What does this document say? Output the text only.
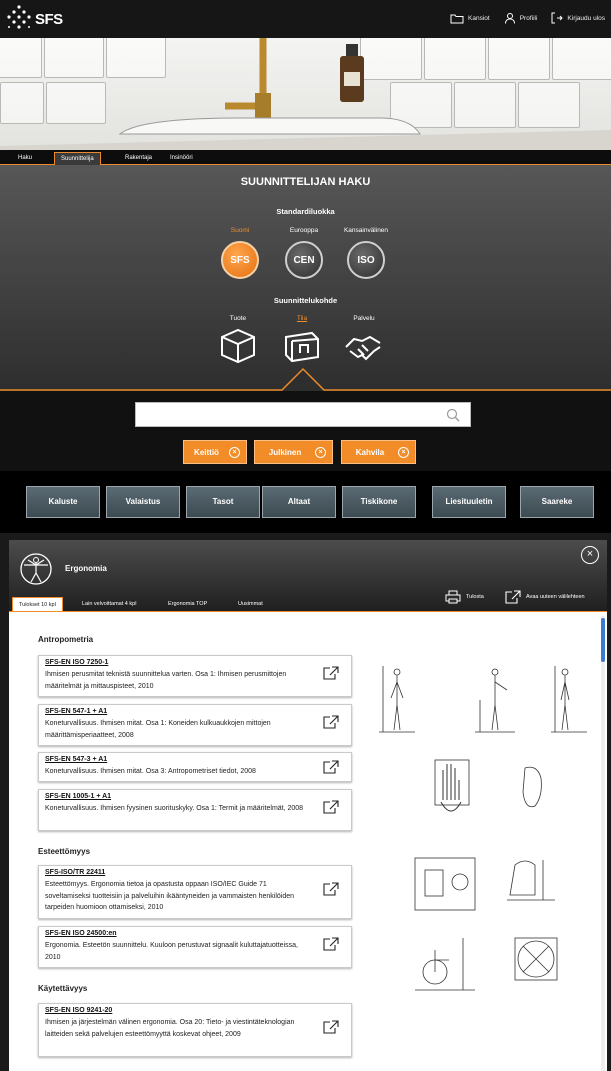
SFS	Kansiot	Profiili	Kirjaudu ulos
Haku	Suunnittelija	Rakentaja	Insinööri
SUUNNITTELIJAN HAKU
Standardiluokka
Suomi
SFS
Eurooppa
CEN
Kansainvälinen
ISO
Suunnittelukohde
Tuote	Tila	Palvelu
Keittiö	×	Julkinen	×	Kahvila	×
Kaluste	Valaistus	Tasot	Altaat	Tiskikone	Liesituuletin	Saareke
Ergonomia
×
Tulosta	Avaa uuteen välilehteen
Tulokset 10 kpl	Lain velvoittamat 4 kpl	Ergonomia TOP	Uusimmat
Antropometria
SFS-EN ISO 7250-1
Ihmisen perusmitat teknistä suunnittelua varten. Osa 1: Ihmisen perusmittojen määritelmät ja mittauspisteet, 2010
SFS-EN 547-1 + A1
Koneturvallisuus. Ihmisen mitat. Osa 1: Koneiden kulkuaukkojen mittojen määrittämisperiaatteet, 2008
SFS-EN 547-3 + A1
Koneturvallisuus. Ihmisen mitat. Osa 3: Antropometriset tiedot, 2008
SFS-EN 1005-1 + A1
Koneturvallisuus. Ihmisen fyysinen suorituskyky. Osa 1: Termit ja määritelmät, 2008
Esteettömyys
SFS-ISO/TR 22411
Esteettömyys. Ergonomia tietoa ja opastusta oppaan ISO/IEC Guide 71 soveltamiseksi tuotteisiin ja palveluihin ikääntyneiden ja vammaisten henkilöiden tarpeiden huomioon ottamiseksi, 2010
SFS-EN ISO 24500:en
Ergonomia. Esteetön suunnittelu. Kuuloon perustuvat signaalit kuluttajatuotteissa, 2010
Käytettävyys
SFS-EN ISO 9241-20
Ihmisen ja järjestelmän välinen ergonomia. Osa 20: Tieto- ja viestintäteknologian laitteiden sekä palvelujen esteettömyyttä koskevat ohjeet, 2009
